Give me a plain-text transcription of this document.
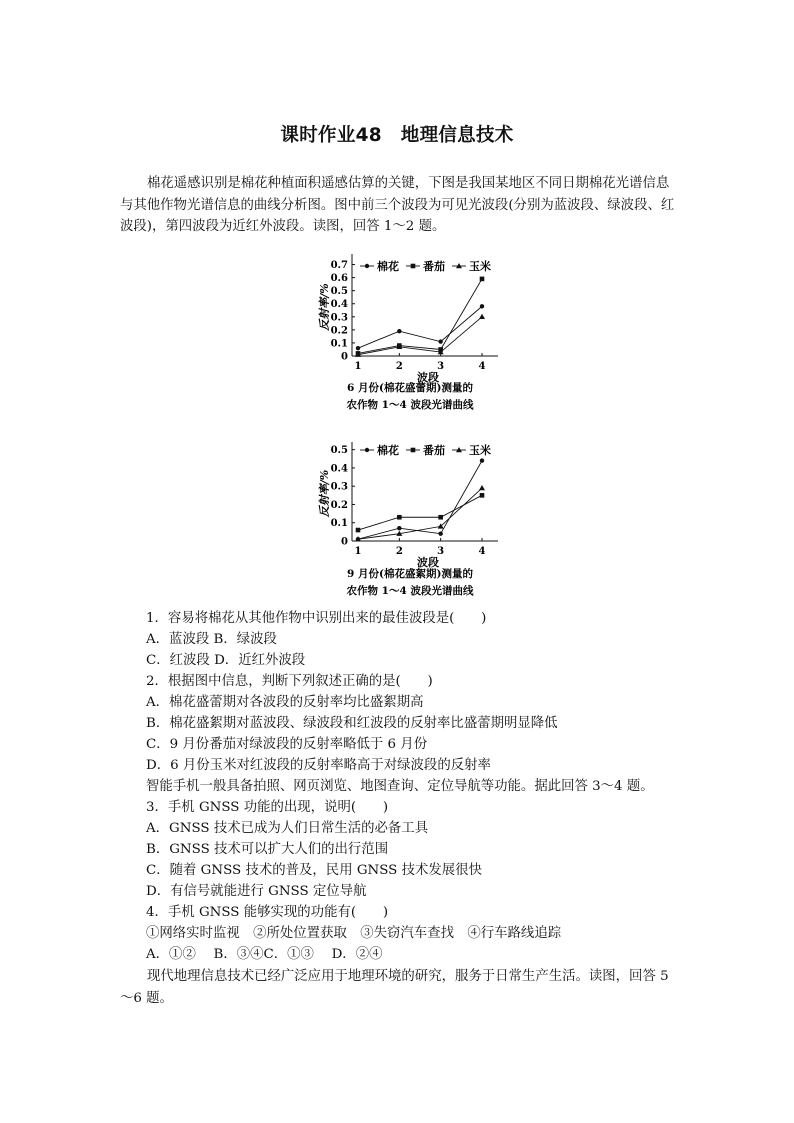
课时作业48　地理信息技术
棉花遥感识别是棉花种植面积遥感估算的关键，下图是我国某地区不同日期棉花光谱信息与其他作物光谱信息的曲线分析图。图中前三个波段为可见光波段(分别为蓝波段、绿波段、红波段)，第四波段为近红外波段。读图，回答 1～2 题。
0
0.1
0.2
0.3
0.4
0.5
0.6
0.7
1	2	3	4
反射率/%
波段
6 月份(棉花盛蕾期)测量的
农作物 1～4 波段光谱曲线
棉花 番茄 玉米
0
0.1
0.2
0.3
0.4
0.5
1	2	3	4
反射率/%
波段
9 月份(棉花盛絮期)测量的
农作物 1～4 波段光谱曲线
棉花 番茄 玉米
1．容易将棉花从其他作物中识别出来的最佳波段是(　　)
A．蓝波段 B．绿波段
C．红波段 D．近红外波段
2．根据图中信息，判断下列叙述正确的是(　　)
A．棉花盛蕾期对各波段的反射率均比盛絮期高
B．棉花盛絮期对蓝波段、绿波段和红波段的反射率比盛蕾期明显降低
C．9 月份番茄对绿波段的反射率略低于 6 月份
D．6 月份玉米对红波段的反射率略高于对绿波段的反射率
智能手机一般具备拍照、网页浏览、地图查询、定位导航等功能。据此回答 3～4 题。
3．手机 GNSS 功能的出现，说明(　　)
A．GNSS 技术已成为人们日常生活的必备工具
B．GNSS 技术可以扩大人们的出行范围
C．随着 GNSS 技术的普及，民用 GNSS 技术发展很快
D．有信号就能进行 GNSS 定位导航
4．手机 GNSS 能够实现的功能有(　　)
①网络实时监视　②所处位置获取　③失窃汽车查找　④行车路线追踪
A．①②　 B．③④C．①③　 D．②④
现代地理信息技术已经广泛应用于地理环境的研究，服务于日常生产生活。读图，回答 5～6 题。
